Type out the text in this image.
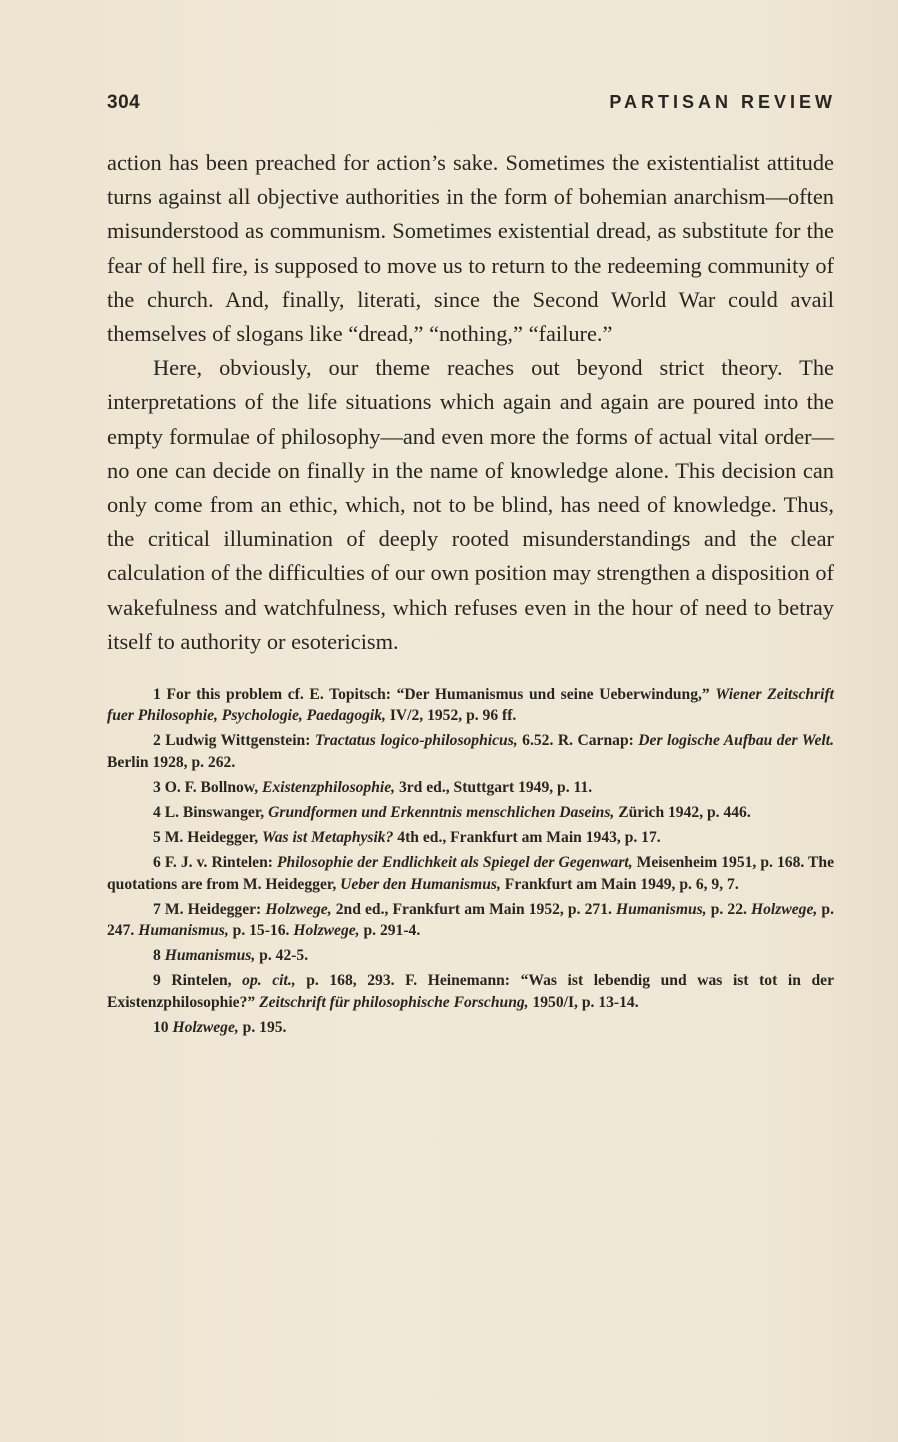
304	PARTISAN REVIEW

action has been preached for action’s sake. Sometimes the existentialist attitude turns against all objective authorities in the form of bohemian anarchism—often misunderstood as communism. Sometimes existential dread, as substitute for the fear of hell fire, is supposed to move us to return to the redeeming community of the church. And, finally, literati, since the Second World War could avail themselves of slogans like “dread,” “nothing,” “failure.”

Here, obviously, our theme reaches out beyond strict theory. The interpretations of the life situations which again and again are poured into the empty formulae of philosophy—and even more the forms of actual vital order—no one can decide on finally in the name of knowledge alone. This decision can only come from an ethic, which, not to be blind, has need of knowledge. Thus, the critical illumination of deeply rooted misunderstandings and the clear calculation of the difficulties of our own position may strengthen a disposition of wakefulness and watchfulness, which refuses even in the hour of need to betray itself to authority or esotericism.

1 For this problem cf. E. Topitsch: “Der Humanismus und seine Ueberwindung,” Wiener Zeitschrift fuer Philosophie, Psychologie, Paedagogik, IV/2, 1952, p. 96 ff.

2 Ludwig Wittgenstein: Tractatus logico-philosophicus, 6.52. R. Carnap: Der logische Aufbau der Welt. Berlin 1928, p. 262.

3 O. F. Bollnow, Existenzphilosophie, 3rd ed., Stuttgart 1949, p. 11.

4 L. Binswanger, Grundformen und Erkenntnis menschlichen Daseins, Zürich 1942, p. 446.

5 M. Heidegger, Was ist Metaphysik? 4th ed., Frankfurt am Main 1943, p. 17.

6 F. J. v. Rintelen: Philosophie der Endlichkeit als Spiegel der Gegenwart, Meisenheim 1951, p. 168. The quotations are from M. Heidegger, Ueber den Humanismus, Frankfurt am Main 1949, p. 6, 9, 7.

7 M. Heidegger: Holzwege, 2nd ed., Frankfurt am Main 1952, p. 271. Humanismus, p. 22. Holzwege, p. 247. Humanismus, p. 15-16. Holzwege, p. 291-4.

8 Humanismus, p. 42-5.

9 Rintelen, op. cit., p. 168, 293. F. Heinemann: “Was ist lebendig und was ist tot in der Existenzphilosophie?” Zeitschrift für philosophische Forschung, 1950/I, p. 13-14.

10 Holzwege, p. 195.
